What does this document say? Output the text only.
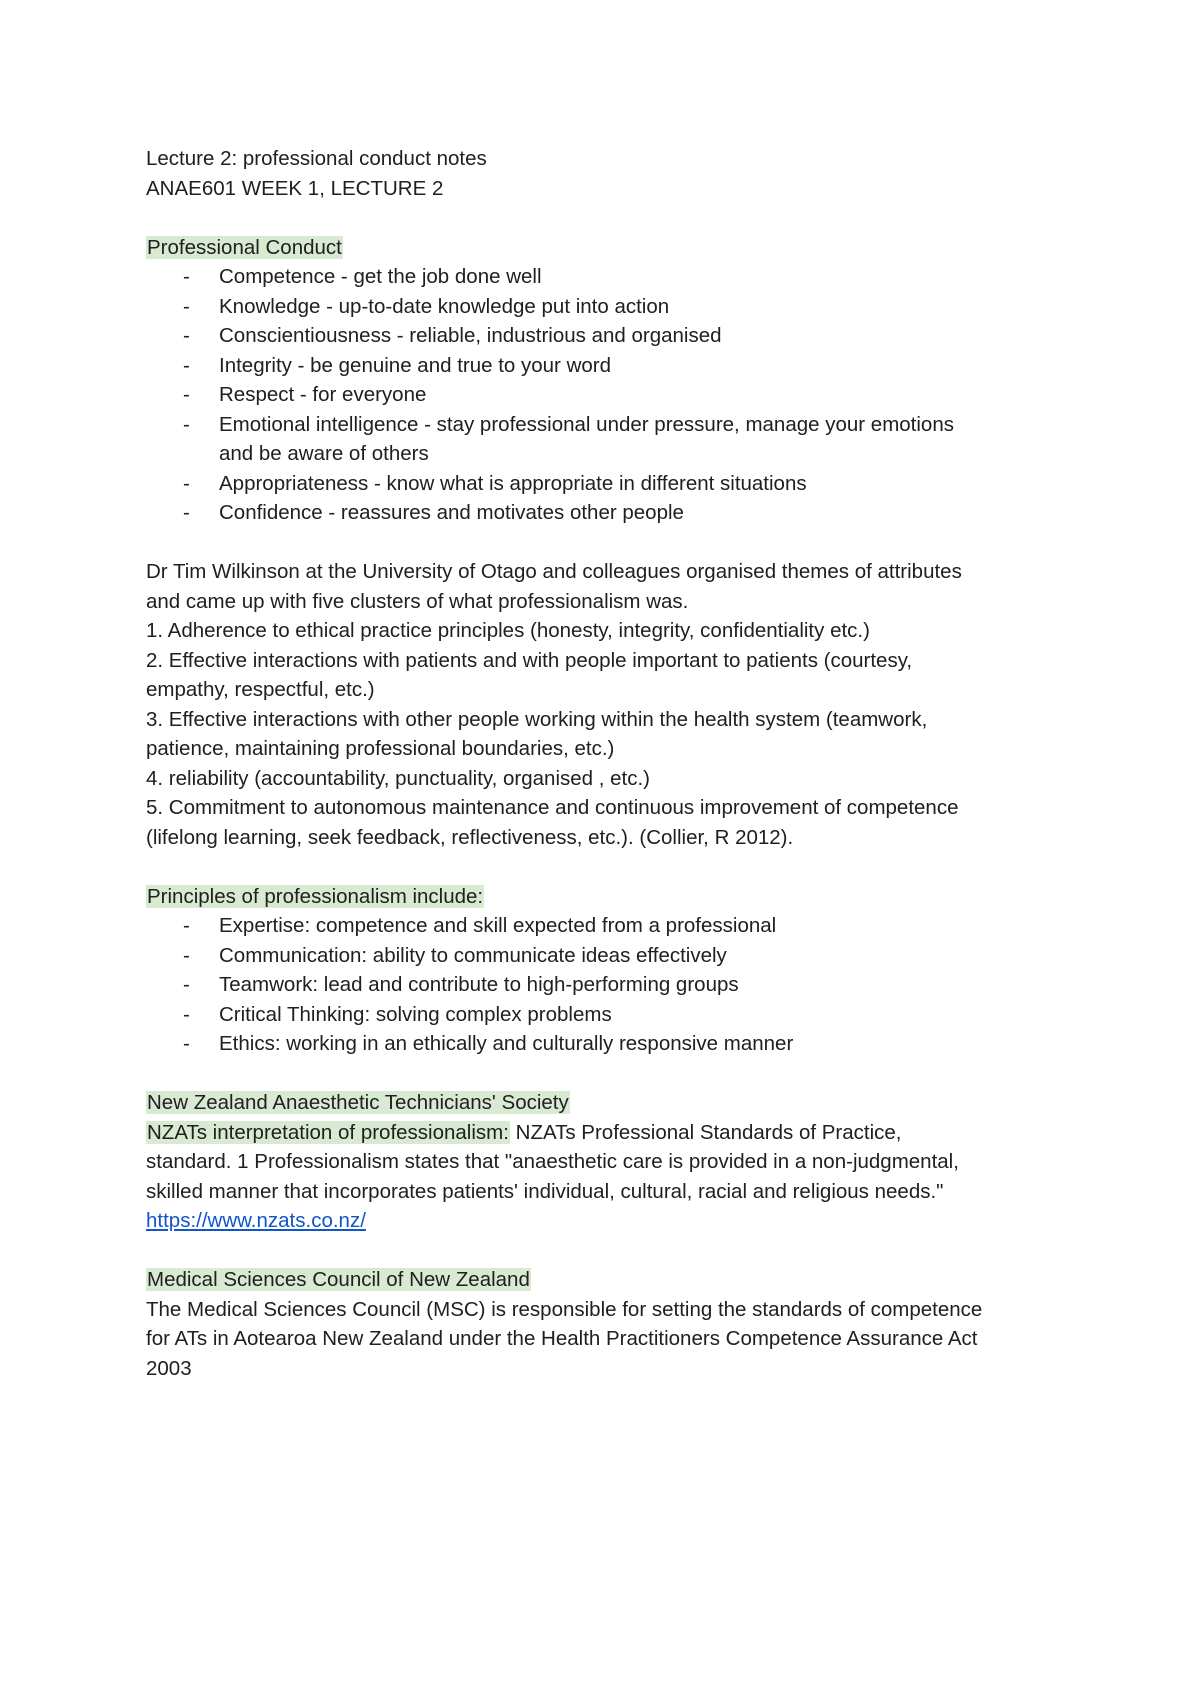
Lecture 2: professional conduct notes

ANAE601 WEEK 1, LECTURE 2

Professional Conduct

- Competence - get the job done well
- Knowledge - up-to-date knowledge put into action
- Conscientiousness - reliable, industrious and organised
- Integrity - be genuine and true to your word
- Respect - for everyone
- Emotional intelligence - stay professional under pressure, manage your emotions and be aware of others
- Appropriateness - know what is appropriate in different situations
- Confidence - reassures and motivates other people

Dr Tim Wilkinson at the University of Otago and colleagues organised themes of attributes

and came up with five clusters of what professionalism was.

1. Adherence to ethical practice principles (honesty, integrity, confidentiality etc.)

2. Effective interactions with patients and with people important to patients (courtesy,

empathy, respectful, etc.)

3. Effective interactions with other people working within the health system (teamwork,

patience, maintaining professional boundaries, etc.)

4. reliability (accountability, punctuality, organised , etc.)

5. Commitment to autonomous maintenance and continuous improvement of competence

(lifelong learning, seek feedback, reflectiveness, etc.). (Collier, R 2012).

Principles of professionalism include:

- Expertise: competence and skill expected from a professional
- Communication: ability to communicate ideas effectively
- Teamwork: lead and contribute to high-performing groups
- Critical Thinking: solving complex problems
- Ethics: working in an ethically and culturally responsive manner

New Zealand Anaesthetic Technicians' Society

NZATs interpretation of professionalism: NZATs Professional Standards of Practice,

standard. 1 Professionalism states that "anaesthetic care is provided in a non-judgmental,

skilled manner that incorporates patients' individual, cultural, racial and religious needs."

https://www.nzats.co.nz/

Medical Sciences Council of New Zealand

The Medical Sciences Council (MSC) is responsible for setting the standards of competence

for ATs in Aotearoa New Zealand under the Health Practitioners Competence Assurance Act

2003
